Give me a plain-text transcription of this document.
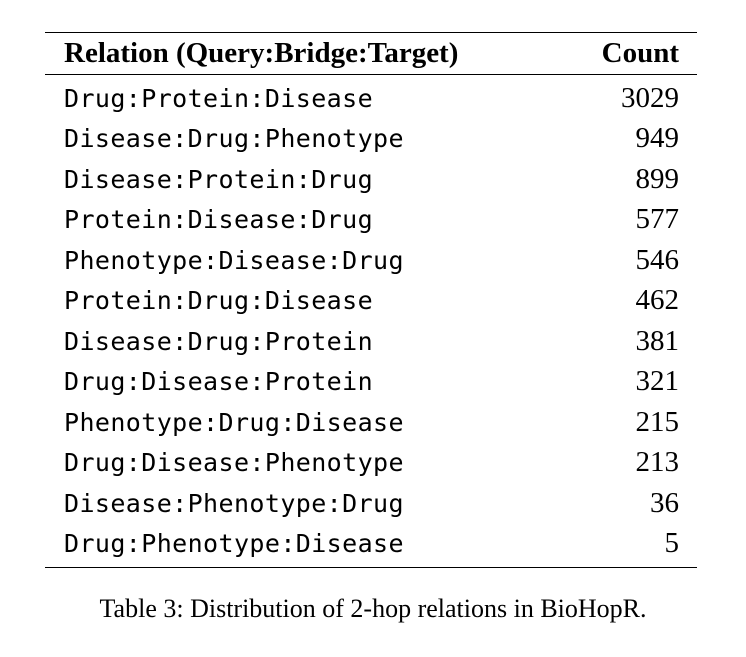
Relation (Query:Bridge:Target)	Count
Drug:Protein:Disease	3029
Disease:Drug:Phenotype	949
Disease:Protein:Drug	899
Protein:Disease:Drug	577
Phenotype:Disease:Drug	546
Protein:Drug:Disease	462
Disease:Drug:Protein	381
Drug:Disease:Protein	321
Phenotype:Drug:Disease	215
Drug:Disease:Phenotype	213
Disease:Phenotype:Drug	36
Drug:Phenotype:Disease	5
Table 3: Distribution of 2-hop relations in BioHopR.
